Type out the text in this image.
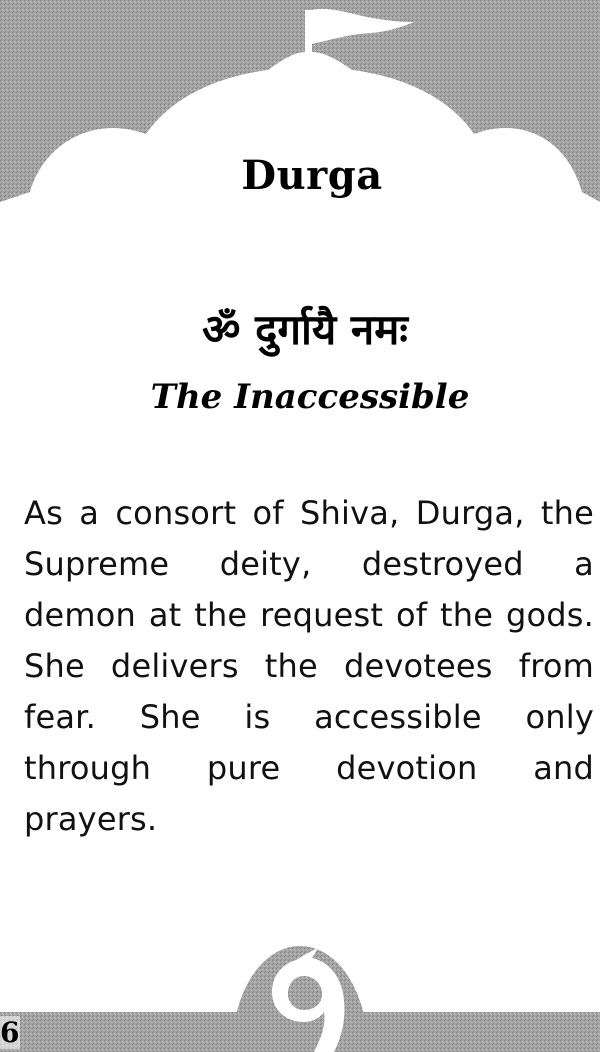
Durga
ॐ दुर्गायै नमः
The Inaccessible
As a consort of Shiva, Durga, the Supreme deity, destroyed a demon at the request of the gods. She delivers the devotees from fear. She is accessible only through pure devotion and prayers.
6
